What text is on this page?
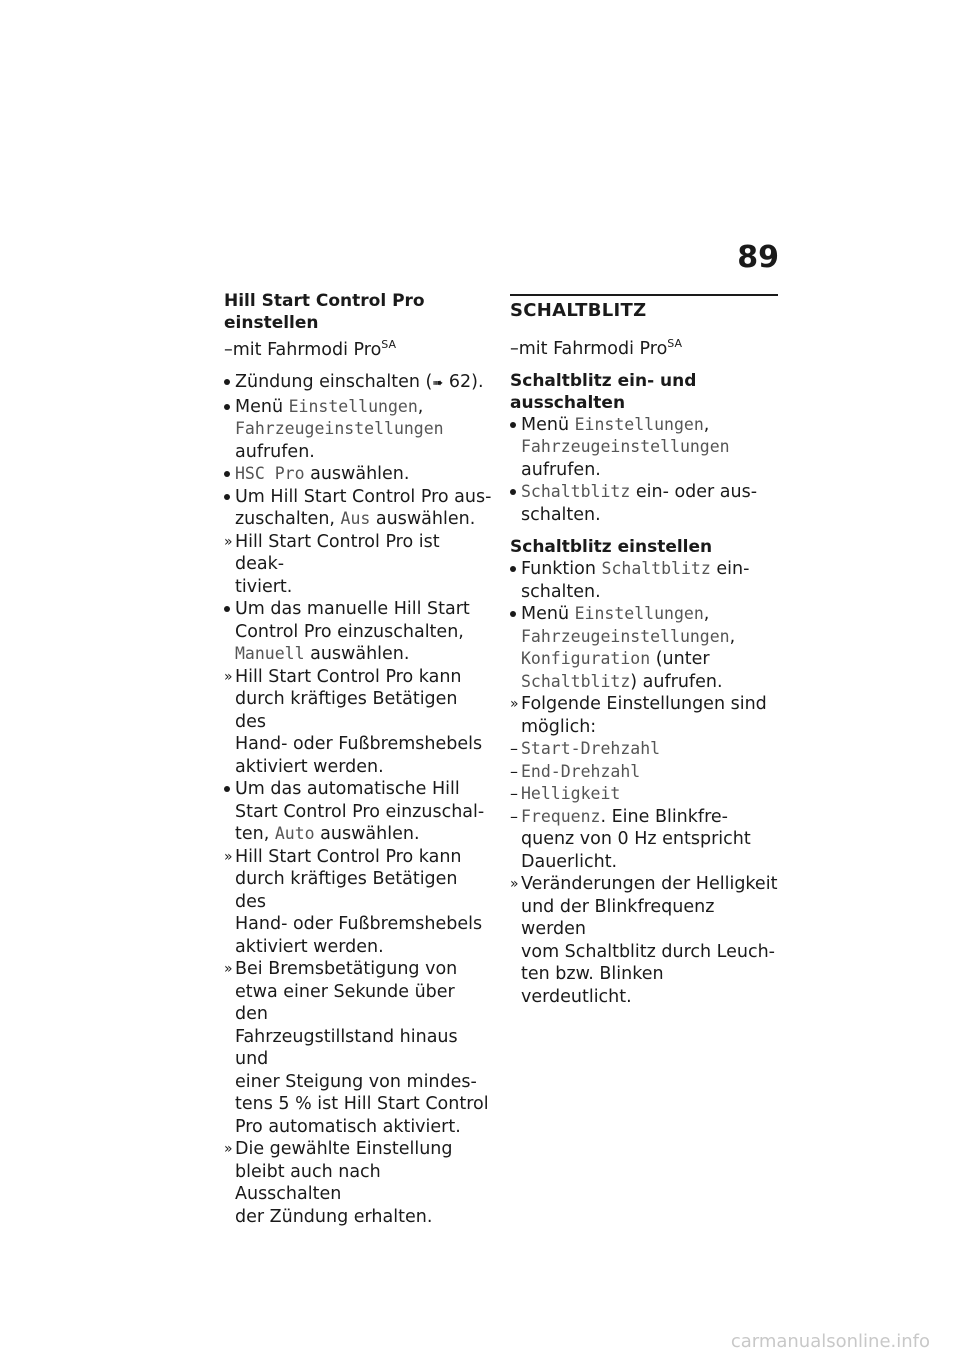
89
Hill Start Control Pro
einstellen
–mit Fahrmodi Pro$^{SA}$
Zündung einschalten (➠ 62).
Menü Einstellungen,
Fahrzeugeinstellungen
aufrufen.
HSC Pro auswählen.
Um Hill Start Control Pro aus-
zuschalten, Aus auswählen.
» Hill Start Control Pro ist deak-
tiviert.
Um das manuelle Hill Start
Control Pro einzuschalten,
Manuell auswählen.
» Hill Start Control Pro kann
durch kräftiges Betätigen des
Hand- oder Fußbremshebels
aktiviert werden.
Um das automatische Hill
Start Control Pro einzuschal-
ten, Auto auswählen.
» Hill Start Control Pro kann
durch kräftiges Betätigen des
Hand- oder Fußbremshebels
aktiviert werden.
» Bei Bremsbetätigung von
etwa einer Sekunde über den
Fahrzeugstillstand hinaus und
einer Steigung von mindes-
tens 5 % ist Hill Start Control
Pro automatisch aktiviert.
» Die gewählte Einstellung
bleibt auch nach Ausschalten
der Zündung erhalten.
SCHALTBLITZ
–mit Fahrmodi Pro$^{SA}$
Schaltblitz ein- und
ausschalten
Menü Einstellungen,
Fahrzeugeinstellungen
aufrufen.
Schaltblitz ein- oder aus-
schalten.
Schaltblitz einstellen
Funktion Schaltblitz ein-
schalten.
Menü Einstellungen,
Fahrzeugeinstellungen,
Konfiguration (unter
Schaltblitz) aufrufen.
» Folgende Einstellungen sind
möglich:
– Start-Drehzahl
– End-Drehzahl
– Helligkeit
– Frequenz. Eine Blinkfre-
quenz von 0 Hz entspricht
Dauerlicht.
» Veränderungen der Helligkeit
und der Blinkfrequenz werden
vom Schaltblitz durch Leuch-
ten bzw. Blinken verdeutlicht.
carmanualsonline.info
